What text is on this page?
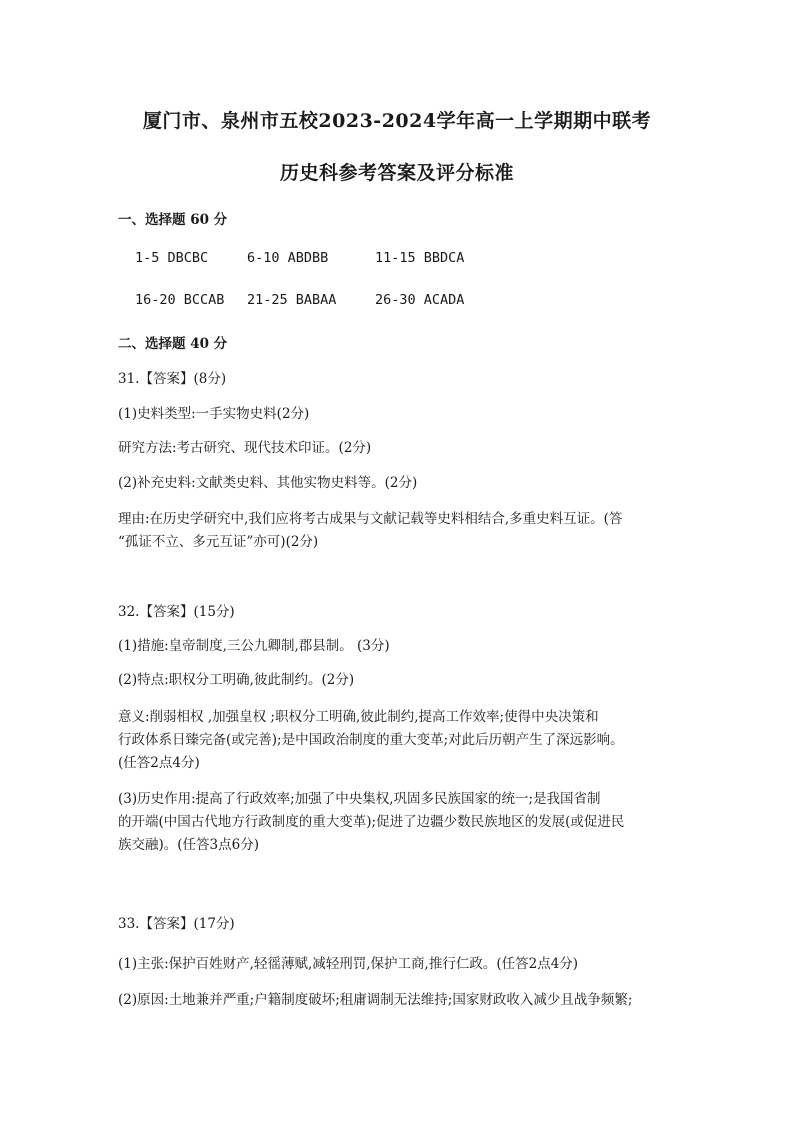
厦门市、泉州市五校2023-2024学年高一上学期期中联考
历史科参考答案及评分标准
一、选择题 60 分
1-5 DBCBC	6-10 ABDBB	11-15 BBDCA
16-20 BCCAB 21-25 BABAA	26-30 ACADA
二、选择题 40 分
31.【答案】(8分)
(1)史料类型:一手实物史料(2分)
研究方法:考古研究、现代技术印证。(2分)
(2)补充史料:文献类史料、其他实物史料等。(2分)
理由:在历史学研究中,我们应将考古成果与文献记载等史料相结合,多重史料互证。(答
“孤证不立、多元互证”亦可)(2分)
32.【答案】(15分)
(1)措施:皇帝制度,三公九卿制,郡县制。 (3分)
(2)特点:职权分工明确,彼此制约。(2分)
意义:削弱相权 ,加强皇权 ;职权分工明确,彼此制约,提高工作效率;使得中央决策和
行政体系日臻完备(或完善);是中国政治制度的重大变革;对此后历朝产生了深远影响。
(任答2点4分)
(3)历史作用:提高了行政效率;加强了中央集权,巩固多民族国家的统一;是我国省制
的开端(中国古代地方行政制度的重大变革);促进了边疆少数民族地区的发展(或促进民
族交融)。(任答3点6分)
33.【答案】(17分)
(1)主张:保护百姓财产,轻徭薄赋,减轻刑罚,保护工商,推行仁政。(任答2点4分)
(2)原因:土地兼并严重;户籍制度破坏;租庸调制无法维持;国家财政收入减少且战争频繁;
